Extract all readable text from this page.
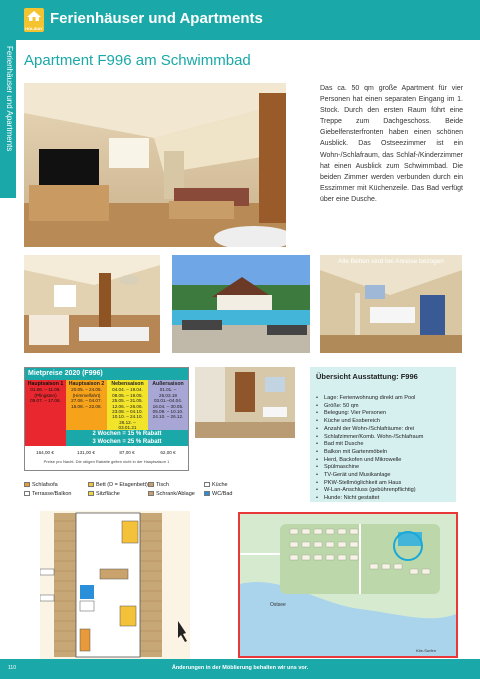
HOLIDAY
Ferienhäuser und Apartments
Ferienhäuser und Apartments Apartment F996 am Schwimmbad
Das ca. 50 qm große Apartment für vier Personen hat einen separaten Eingang im 1. Stock. Durch den ersten Raum führt eine Treppe zum Dachgeschoss. Beide Giebelfensterfronten haben einen schönen Ausblick. Das Ostseezimmer ist ein Wohn-/Schlafraum, das Schlaf-/Kinderzimmer hat einen Ausblick zum Schwimmbad. Die beiden Zimmer werden verbunden durch ein Esszimmer mit Küchenzeile. Das Bad verfügt über eine Dusche.
Alle Betten sind bei Anreise bezogen
Mietpreise 2020 (F996)
Hauptsaison 1
01.06. – 11.06.
(Pfingsten)
05.07. – 17.08.
Hauptsaison 2
20.05. – 24.05.
(Himmelfahrt)
27.06. – 04.07.
15.08. – 22.08.
Nebensaison
04.04. – 19.04.
08.05. – 19.05.
25.05. – 31.05.
12.06. – 26.06.
23.08. – 04.10.
10.10. – 24.10.
26.12. –
03.01.21
Außersaison
01.01. –
26.03.19
03.01.–04.04.
16.04. – 30.05.
05.09. – 10.10.
24.10. – 26.12.
2 Wochen = 15 % Rabatt
3 Wochen = 25 % Rabatt
164,00 €	131,00 €	87,00 €	62,00 €
Preise pro Nacht. Die obigen Rabatte gelten nicht in der Hauptsaison 1
Übersicht Ausstattung: F996
• Lage: Ferienwohnung direkt am Pool
• Größe: 50 qm
• Belegung: Vier Personen
• Küche und Essbereich
• Anzahl der Wohn-/Schlafräume: drei
• Schlafzimmer/Komb. Wohn-/Schlafraum
• Bad mit Dusche
• Balkon mit Gartenmöbeln
• Herd, Backofen und Mikrowelle
• Spülmaschine
• TV-Gerät und Musikanlage
• PKW-Stellmöglichkeit am Haus
• W-Lan-Anschluss (gebührenpflichtig)
• Hunde: Nicht gestattet
Schlafsofa	Bett (D = Etagenbett)	Tisch	Küche
Terrasse/Balkon	Sitzfläche	Schrank/Ablage	WC/Bad
Ostsee
Kite-Surfen
110	Änderungen in der Möblierung behalten wir uns vor.
